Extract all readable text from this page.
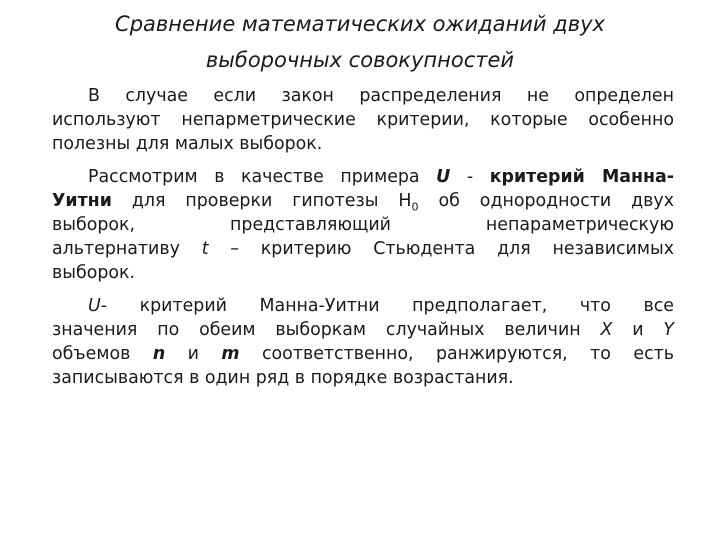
Сравнение математических ожиданий двух
выборочных совокупностей
В случае если закон распределения не определен
используют непарметрические критерии, которые особенно
полезны для малых выборок.
Рассмотрим в качестве примера U - критерий Манна-
Уитни для проверки гипотезы $H_0$ об однородности двух
выборок, представляющий непараметрическую
альтернативу t – критерию Стьюдента для независимых
выборок.
U- критерий Манна-Уитни предполагает, что все
значения по обеим выборкам случайных величин X и Y
объемов n и m соответственно, ранжируются, то есть
записываются в один ряд в порядке возрастания.
